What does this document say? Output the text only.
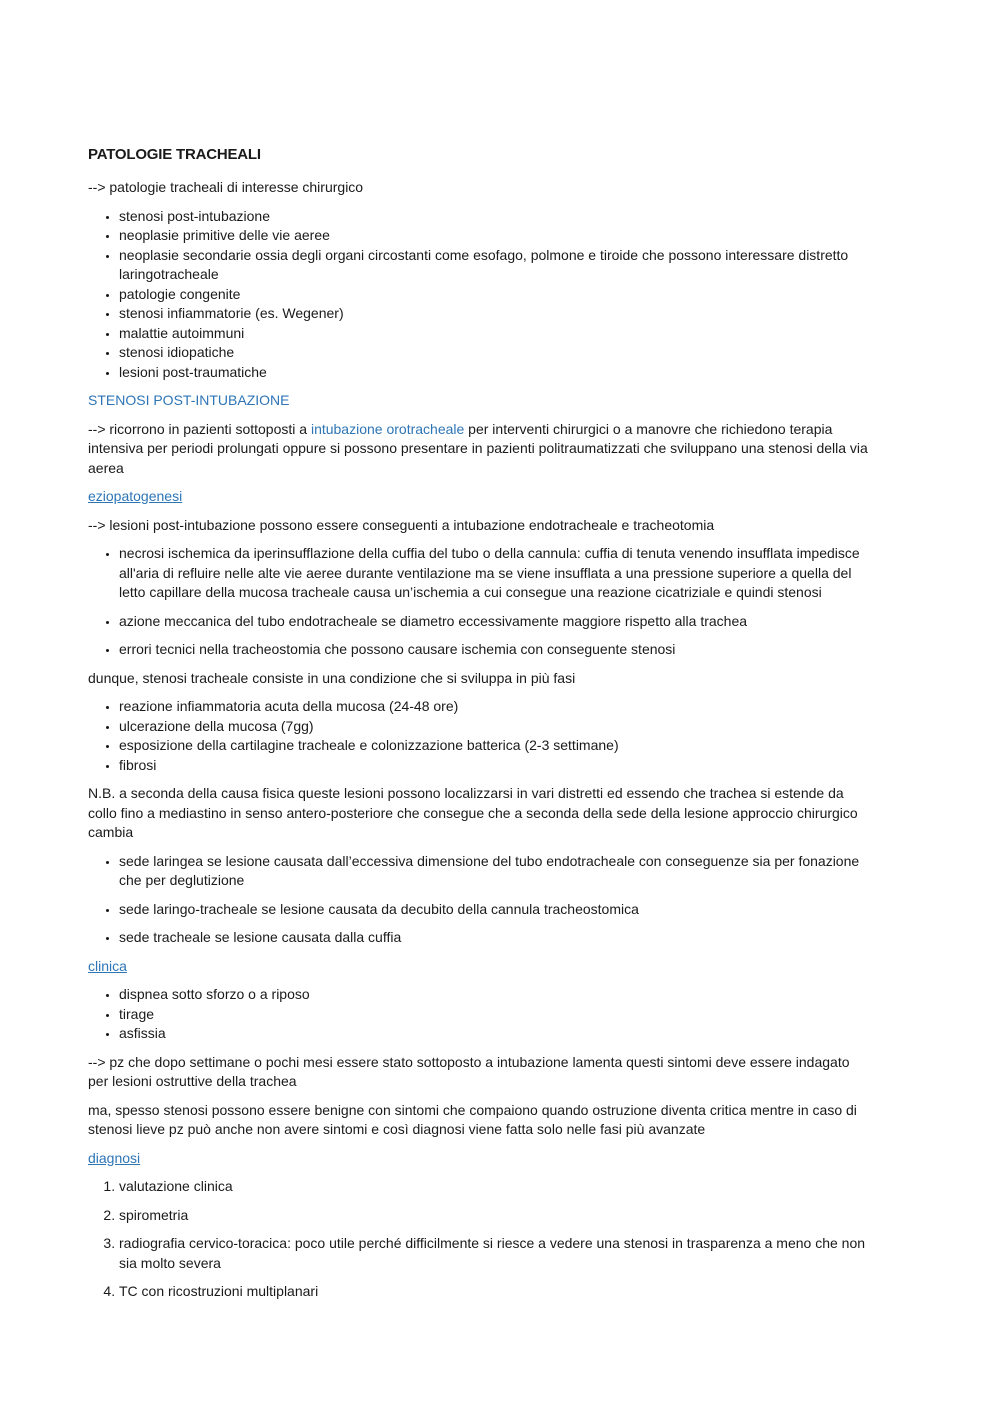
PATOLOGIE TRACHEALI

--> patologie tracheali di interesse chirurgico

• stenosi post-intubazione
• neoplasie primitive delle vie aeree
• neoplasie secondarie ossia degli organi circostanti come esofago, polmone e tiroide che possono interessare distretto laringotracheale
• patologie congenite
• stenosi infiammatorie (es. Wegener)
• malattie autoimmuni
• stenosi idiopatiche
• lesioni post-traumatiche

STENOSI POST-INTUBAZIONE

--> ricorrono in pazienti sottoposti a intubazione orotracheale per interventi chirurgici o a manovre che richiedono terapia intensiva per periodi prolungati oppure si possono presentare in pazienti politraumatizzati che sviluppano una stenosi della via aerea

eziopatogenesi

--> lesioni post-intubazione possono essere conseguenti a intubazione endotracheale e tracheotomia

• necrosi ischemica da iperinsufflazione della cuffia del tubo o della cannula: cuffia di tenuta venendo insufflata impedisce all'aria di refluire nelle alte vie aeree durante ventilazione ma se viene insufflata a una pressione superiore a quella del letto capillare della mucosa tracheale causa un’ischemia a cui consegue una reazione cicatriziale e quindi stenosi
• azione meccanica del tubo endotracheale se diametro eccessivamente maggiore rispetto alla trachea
• errori tecnici nella tracheostomia che possono causare ischemia con conseguente stenosi

dunque, stenosi tracheale consiste in una condizione che si sviluppa in più fasi

• reazione infiammatoria acuta della mucosa (24-48 ore)
• ulcerazione della mucosa (7gg)
• esposizione della cartilagine tracheale e colonizzazione batterica (2-3 settimane)
• fibrosi

N.B. a seconda della causa fisica queste lesioni possono localizzarsi in vari distretti ed essendo che trachea si estende da collo fino a mediastino in senso antero-posteriore che consegue che a seconda della sede della lesione approccio chirurgico cambia

• sede laringea se lesione causata dall’eccessiva dimensione del tubo endotracheale con conseguenze sia per fonazione che per deglutizione
• sede laringo-tracheale se lesione causata da decubito della cannula tracheostomica
• sede tracheale se lesione causata dalla cuffia

clinica

• dispnea sotto sforzo o a riposo
• tirage
• asfissia

--> pz che dopo settimane o pochi mesi essere stato sottoposto a intubazione lamenta questi sintomi deve essere indagato per lesioni ostruttive della trachea

ma, spesso stenosi possono essere benigne con sintomi che compaiono quando ostruzione diventa critica mentre in caso di stenosi lieve pz può anche non avere sintomi e così diagnosi viene fatta solo nelle fasi più avanzate

diagnosi

1. valutazione clinica
2. spirometria
3. radiografia cervico-toracica: poco utile perché difficilmente si riesce a vedere una stenosi in trasparenza a meno che non sia molto severa
4. TC con ricostruzioni multiplanari
